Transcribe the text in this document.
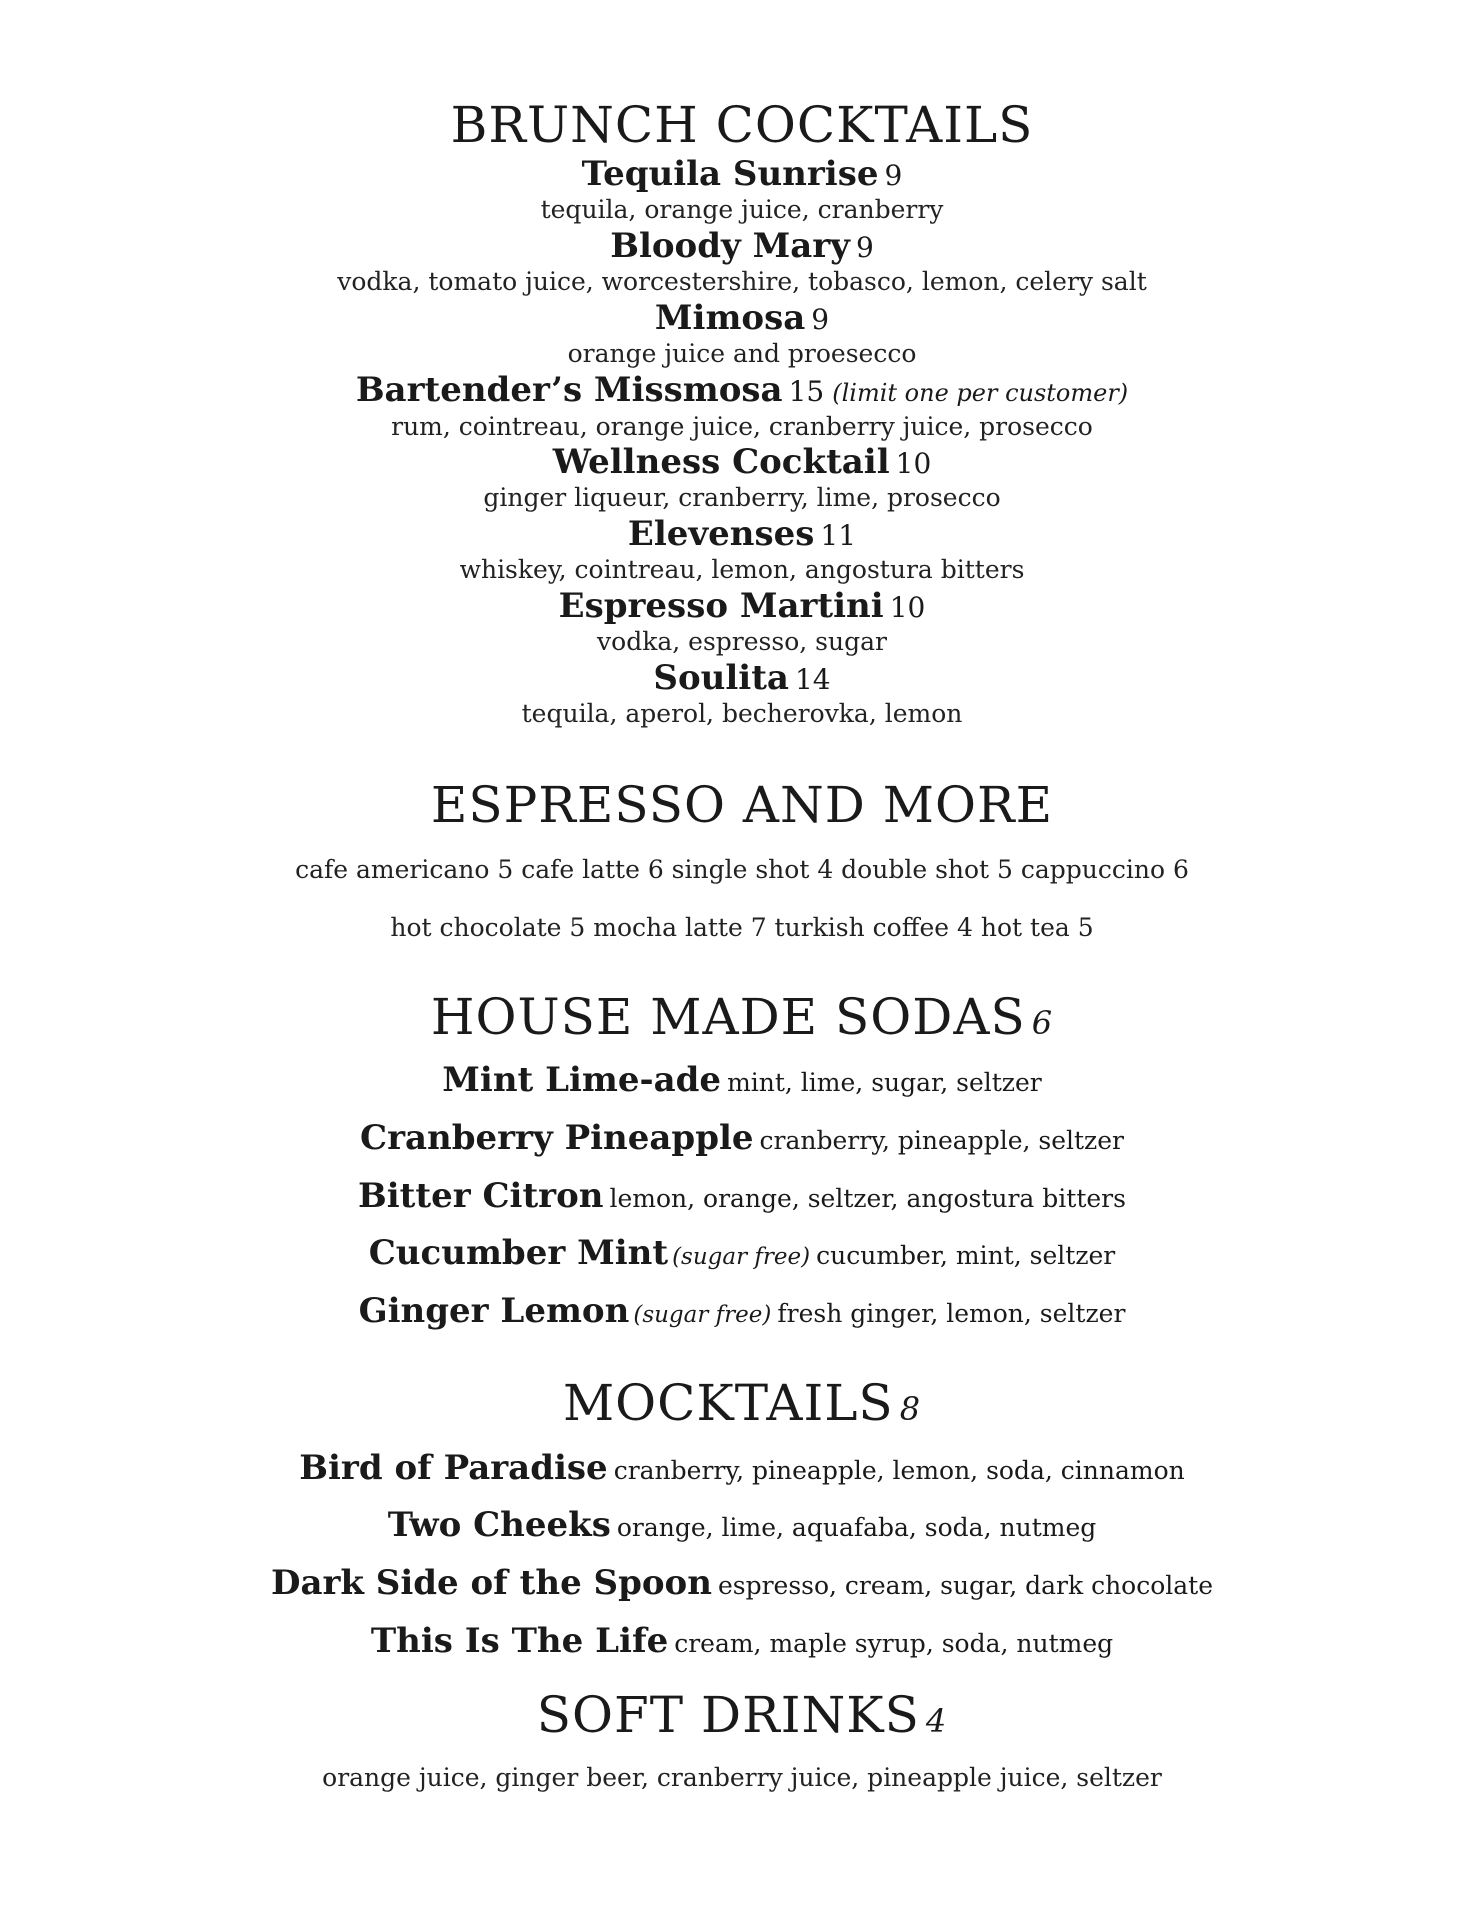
BRUNCH COCKTAILS
Tequila Sunrise 9
tequila, orange juice, cranberry
Bloody Mary 9
vodka, tomato juice, worcestershire, tobasco, lemon, celery salt
Mimosa 9
orange juice and proesecco
Bartender’s Missmosa 15 (limit one per customer)
rum, cointreau, orange juice, cranberry juice, prosecco
Wellness Cocktail 10
ginger liqueur, cranberry, lime, prosecco
Elevenses 11
whiskey, cointreau, lemon, angostura bitters
Espresso Martini 10
vodka, espresso, sugar
Soulita 14
tequila, aperol, becherovka, lemon
ESPRESSO AND MORE
cafe americano 5 cafe latte 6 single shot 4 double shot 5 cappuccino 6
hot chocolate 5 mocha latte 7 turkish coffee 4 hot tea 5
HOUSE MADE SODAS 6
Mint Lime-ade mint, lime, sugar, seltzer
Cranberry Pineapple cranberry, pineapple, seltzer
Bitter Citron lemon, orange, seltzer, angostura bitters
Cucumber Mint (sugar free) cucumber, mint, seltzer
Ginger Lemon (sugar free) fresh ginger, lemon, seltzer
MOCKTAILS 8
Bird of Paradise cranberry, pineapple, lemon, soda, cinnamon
Two Cheeks orange, lime, aquafaba, soda, nutmeg
Dark Side of the Spoon espresso, cream, sugar, dark chocolate
This Is The Life cream, maple syrup, soda, nutmeg
SOFT DRINKS 4
orange juice, ginger beer, cranberry juice, pineapple juice, seltzer
